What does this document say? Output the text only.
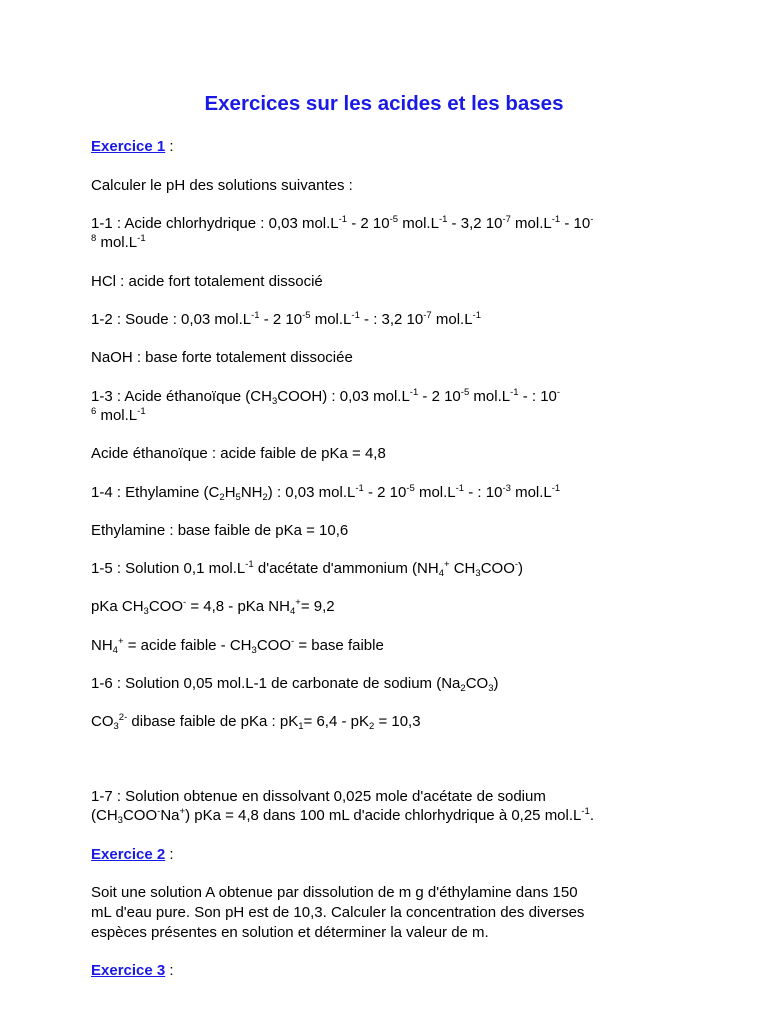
Exercices sur les acides et les bases

Exercice 1 :

Calculer le pH des solutions suivantes :

1-1 : Acide chlorhydrique : 0,03 $mol.L^{-1} - 2$ $10^{-5}$ $mol.L^{-1} - 3,2$ $10^{-7}$ $mol.L^{-1} - 10^-$

$^8$ $mol.L^{-1}$

HCl : acide fort totalement dissocié

1-2 : Soude : 0,03 $mol.L^{-1} - 2$ $10^{-5}$ $mol.L^{-1}$ - : 3,2 $10^{-7}$ $mol.L^{-1}$

NaOH : base forte totalement dissociée

1-3 : Acide éthanoïque $(CH_3COOH)$ : 0,03 $mol.L^{-1} - 2$ $10^{-5}$ $mol.L^{-1}$ - : 10-

$^6$ $mol.L^{-1}$

Acide éthanoïque : acide faible de pKa = 4,8

1-4 : Ethylamine $(C_2H_5NH_2)$ : 0,03 $mol.L^{-1} - 2$ $10^{-5}$ $mol.L^{-1}$ - : $10^{-3}$ $mol.L^{-1}$

Ethylamine : base faible de pKa = 10,6

1-5 : Solution 0,1 $mol.L^{-1}$ d'acétate d'ammonium ($NH_4^+$ $CH_3COO^-$)

pKa $CH_3COO^- = 4,8$ - pKa $NH_4^+= 9,2$

$NH_4^+$ = acide faible - $CH_3COO^-$ = base faible

1-6 : Solution 0,05 mol.L-1 de carbonate de sodium $(Na_2CO_3)$

$CO_3^{2-}$ dibase faible de pKa : $pK_1= 6,4 - pK_2 = 10,3$

1-7 : Solution obtenue en dissolvant 0,025 mole d'acétate de sodium

$(CH_3COO^-Na^+)$ pKa = 4,8 dans 100 mL d'acide chlorhydrique à 0,25 $mol.L^{-1}$.

Exercice 2 :

Soit une solution A obtenue par dissolution de m g d'éthylamine dans 150

mL d'eau pure. Son pH est de 10,3. Calculer la concentration des diverses

espèces présentes en solution et déterminer la valeur de m.

Exercice 3 :
